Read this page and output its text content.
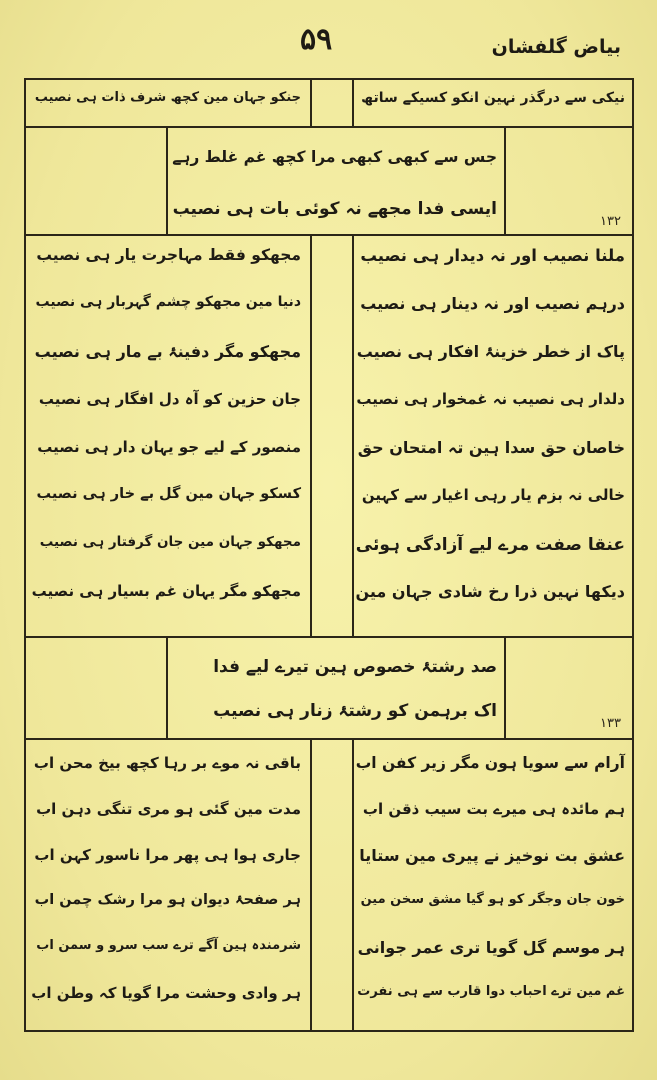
بیاض گلفشان
۵۹
نیکی سے درگذر نہین انکو کسیکے ساتھ
جنکو جہان مین کچھ شرف ذات ہی نصیب
جس سے کبھی کبھی مرا کچھ غم غلط رہے
ایسی فدا مجھے نہ کوئی بات ہی نصیب
۱۳۲
۱۳۳
ملنا نصیب اور نہ دیدار ہی نصیب
درہم نصیب اور نہ دینار ہی نصیب
پاک از خطر خزینۂ افکار ہی نصیب
دلدار ہی نصیب نہ غمخوار ہی نصیب
خاصان حق سدا ہین تہ امتحان حق
خالی نہ بزم یار رہی اغیار سے کہین
عنقا صفت مرے لیے آزادگی ہوئی
دیکھا نہین ذرا رخ شادی جہان مین
مجھکو فقط مہاجرت یار ہی نصیب
دنیا مین مجھکو چشم گہربار ہی نصیب
مجھکو مگر دفینۂ بے مار ہی نصیب
جان حزین کو آہ دل افگار ہی نصیب
منصور کے لیے جو یہان دار ہی نصیب
کسکو جہان مین گل بے خار ہی نصیب
مجھکو جہان مین جان گرفتار ہی نصیب
مجھکو مگر یہان غم بسیار ہی نصیب
صد رشتۂ خصوص ہین تیرے لیے فدا
اک برہمن کو رشتۂ زنار ہی نصیب
آرام سے سویا ہون مگر زیر کفن اب
ہم مائدہ ہی میرے بت سیب ذقن اب
عشق بت نوخیز نے پیری مین ستایا
خون جان وجگر کو ہو گیا مشق سخن مین
ہر موسم گل گویا تری عمر جوانی
غم مین ترے احباب دوا قارب سے ہی نفرت
باقی نہ موے بر رہا کچھ بیخ محن اب
مدت مین گئی ہو مری تنگی دہن اب
جاری ہوا ہی پھر مرا ناسور کہن اب
ہر صفحۂ دیوان ہو مرا رشک چمن اب
شرمندہ ہین آگے ترے سب سرو و سمن اب
ہر وادی وحشت مرا گویا کہ وطن اب
